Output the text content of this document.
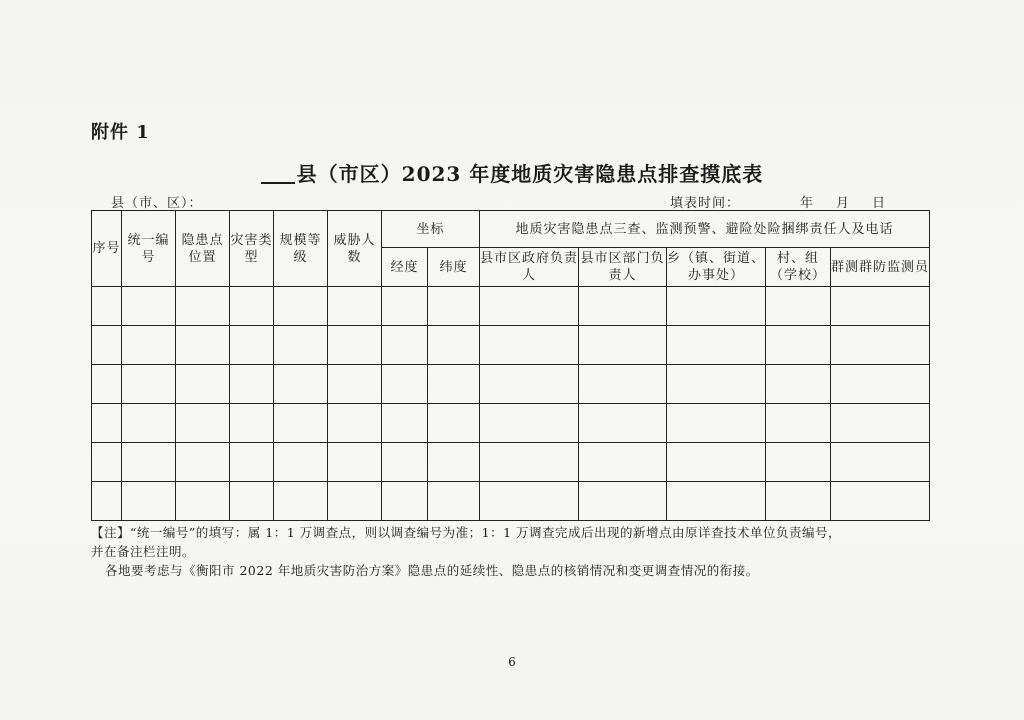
附件 1
县（市区）2023 年度地质灾害隐患点排查摸底表
县（市、区）：	填表时间：	年 月 日
序号	统一编号	隐患点位置	灾害类型	规模等级	威胁人数	坐标		地质灾害隐患点三查、监测预警、避险处险捆绑责任人及电话				
						经度	纬度	县市区政府负责人	县市区部门负责人	乡（镇、街道、办事处）	村、组（学校）	群测群防监测员

【注】“统一编号”的填写：属 1：1 万调查点，则以调查编号为准；1：1 万调查完成后出现的新增点由原详查技术单位负责编号，

并在备注栏注明。

各地要考虑与《衡阳市 2022 年地质灾害防治方案》隐患点的延续性、隐患点的核销情况和变更调查情况的衔接。

6
